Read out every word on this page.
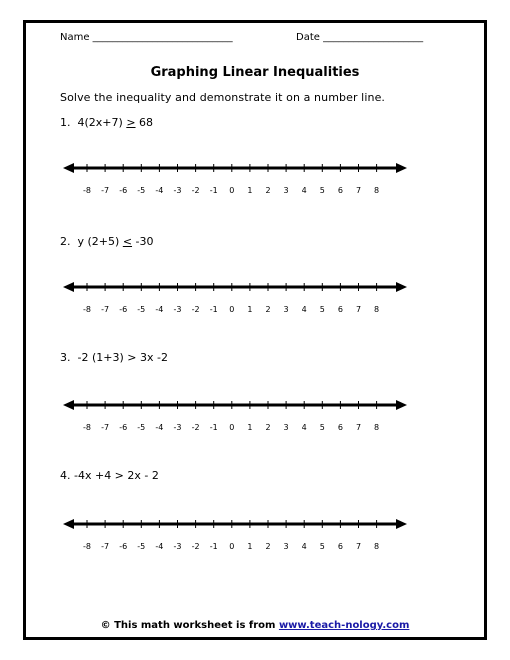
Name ____________________________	Date ____________________
Graphing Linear Inequalities
Solve the inequality and demonstrate it on a number line.
1. 4(2x+7) > 68
-8 -7 -6 -5 -4 -3 -2 -1 0 1 2 3 4 5 6 7 8
2. y (2+5) < -30
-8 -7 -6 -5 -4 -3 -2 -1 0 1 2 3 4 5 6 7 8
3. -2 (1+3) > 3x -2
-8 -7 -6 -5 -4 -3 -2 -1 0 1 2 3 4 5 6 7 8
4. -4x +4 > 2x - 2
-8 -7 -6 -5 -4 -3 -2 -1 0 1 2 3 4 5 6 7 8
© This math worksheet is from www.teach-nology.com
